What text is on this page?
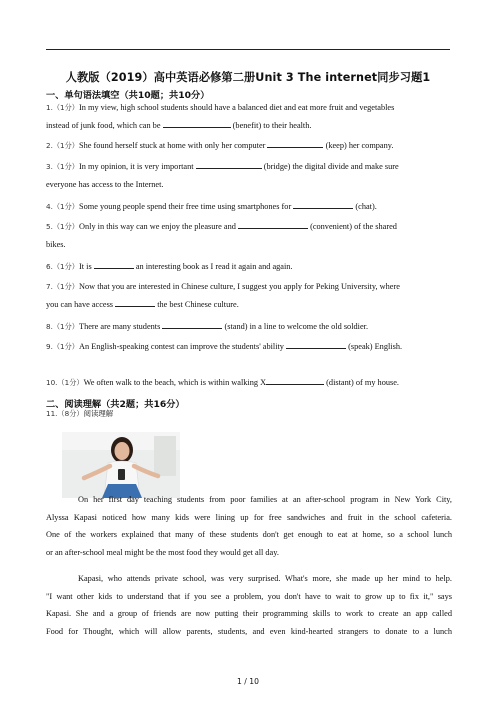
人教版（2019）高中英语必修第二册Unit 3 The internet同步习题1
一、单句语法填空（共10题；共10分）
1.（1分）In my view, high school students should have a balanced diet and eat more fruit and vegetables
instead of junk food, which can be	(benefit) to their health.
2.（1分）She found herself stuck at home with only her computer	(keep) her company.
3.（1分）In my opinion, it is very important	(bridge) the digital divide and make sure
everyone has access to the Internet.
4.（1分）Some young people spend their free time using smartphones for	(chat).
5.（1分）Only in this way can we enjoy the pleasure and	(convenient) of the shared
bikes.
6.（1分）It is	an interesting book as I read it again and again.
7.（1分）Now that you are interested in Chinese culture, I suggest you apply for Peking University, where
you can have access	the best Chinese culture.
8.（1分）There are many students	(stand) in a line to welcome the old soldier.
9.（1分）An English-speaking contest can improve the students' ability	(speak) English.
10.（1分）We often walk to the beach, which is within walking X	(distant) of my house.
二、阅读理解（共2题；共16分）
11.（8分）阅读理解
On her first day teaching students from poor families at an after-school program in New York City,
Alyssa Kapasi noticed how many kids were lining up for free sandwiches and fruit in the school cafeteria.
One of the workers explained that many of these students don't get enough to eat at home, so a school lunch
or an after-school meal might be the most food they would get all day.
Kapasi, who attends private school, was very surprised. What's more, she made up her mind to help.
"I want other kids to understand that if you see a problem, you don't have to wait to grow up to fix it," says
Kapasi. She and a group of friends are now putting their programming skills to work to create an app called
Food for Thought, which will allow parents, students, and even kind-hearted strangers to donate to a lunch
1 / 10
